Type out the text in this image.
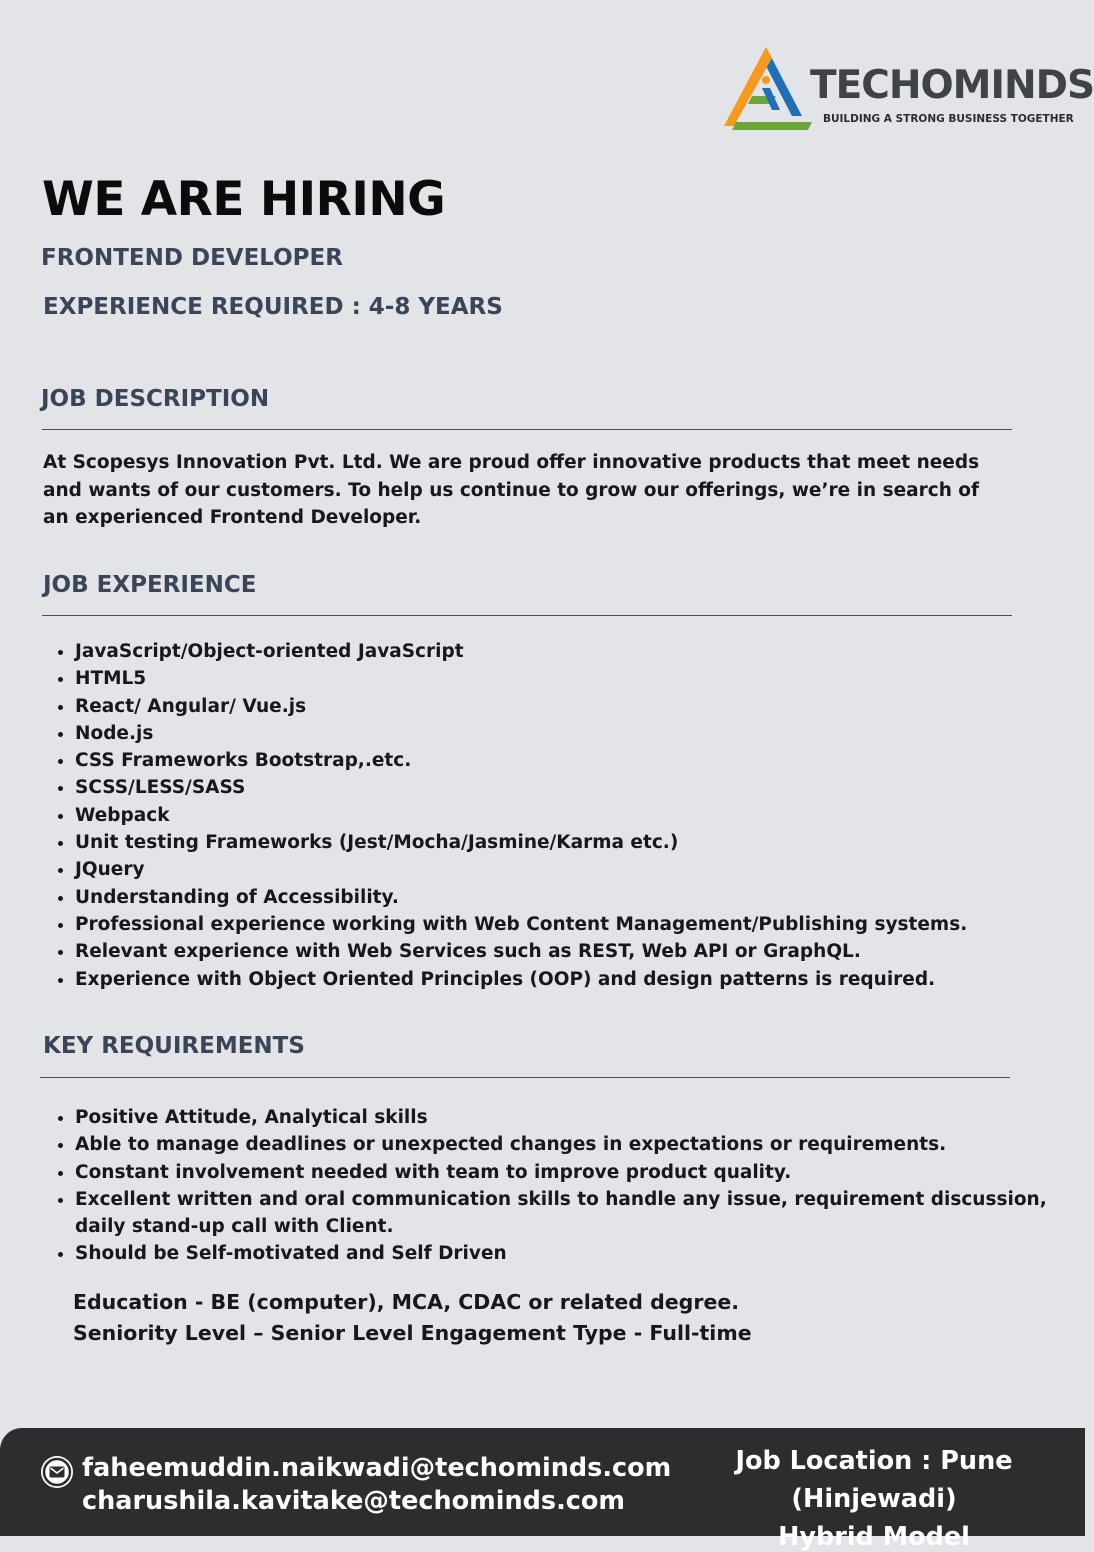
TECHOMINDS
BUILDING A STRONG BUSINESS TOGETHER
WE ARE HIRING
FRONTEND DEVELOPER
EXPERIENCE REQUIRED : 4-8 YEARS
JOB DESCRIPTION
At Scopesys Innovation Pvt. Ltd. We are proud offer innovative products that meet needs and wants of our customers. To help us continue to grow our offerings, we’re in search of an experienced Frontend Developer.
JOB EXPERIENCE
• JavaScript/Object-oriented JavaScript
• HTML5
• React/ Angular/ Vue.js
• Node.js
• CSS Frameworks Bootstrap,.etc.
• SCSS/LESS/SASS
• Webpack
• Unit testing Frameworks (Jest/Mocha/Jasmine/Karma etc.)
• JQuery
• Understanding of Accessibility.
• Professional experience working with Web Content Management/Publishing systems.
• Relevant experience with Web Services such as REST, Web API or GraphQL.
• Experience with Object Oriented Principles (OOP) and design patterns is required.
KEY REQUIREMENTS
• Positive Attitude, Analytical skills
• Able to manage deadlines or unexpected changes in expectations or requirements.
• Constant involvement needed with team to improve product quality.
• Excellent written and oral communication skills to handle any issue, requirement discussion, daily stand-up call with Client.
• Should be Self-motivated and Self Driven
Education - BE (computer), MCA, CDAC or related degree.
Seniority Level – Senior Level Engagement Type - Full-time
faheemuddin.naikwadi@techominds.com
charushila.kavitake@techominds.com
Job Location : Pune
(Hinjewadi)
Hybrid Model
